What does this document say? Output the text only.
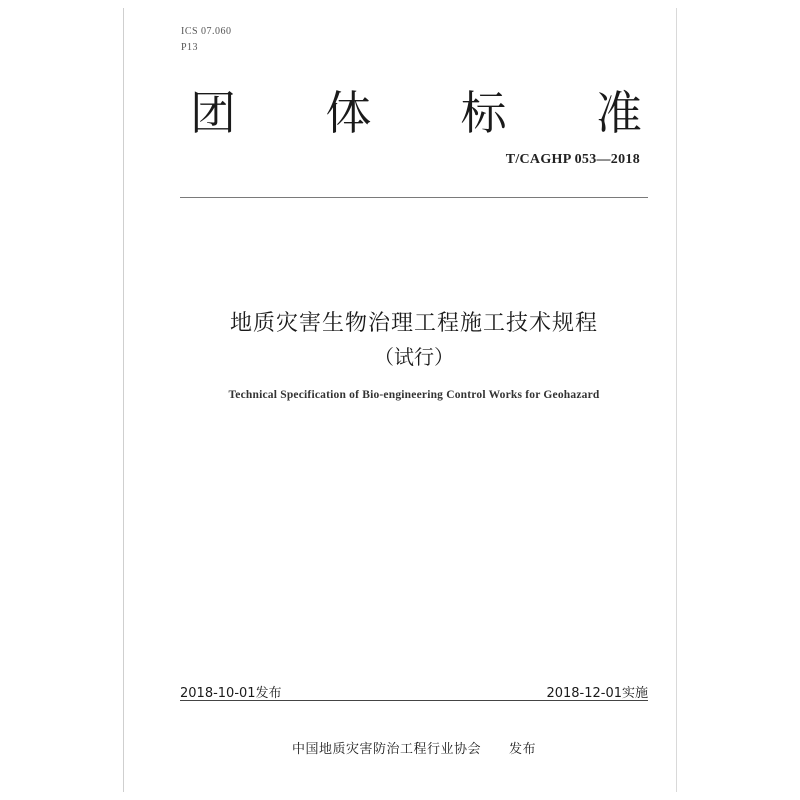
ICS 07.060
P13
团 体 标 准
T/CAGHP 053—2018
地质灾害生物治理工程施工技术规程
（试行）
Technical Specification of Bio-engineering Control Works for Geohazard
2018-10-01发布	2018-12-01实施
中国地质灾害防治工程行业协会 发布
